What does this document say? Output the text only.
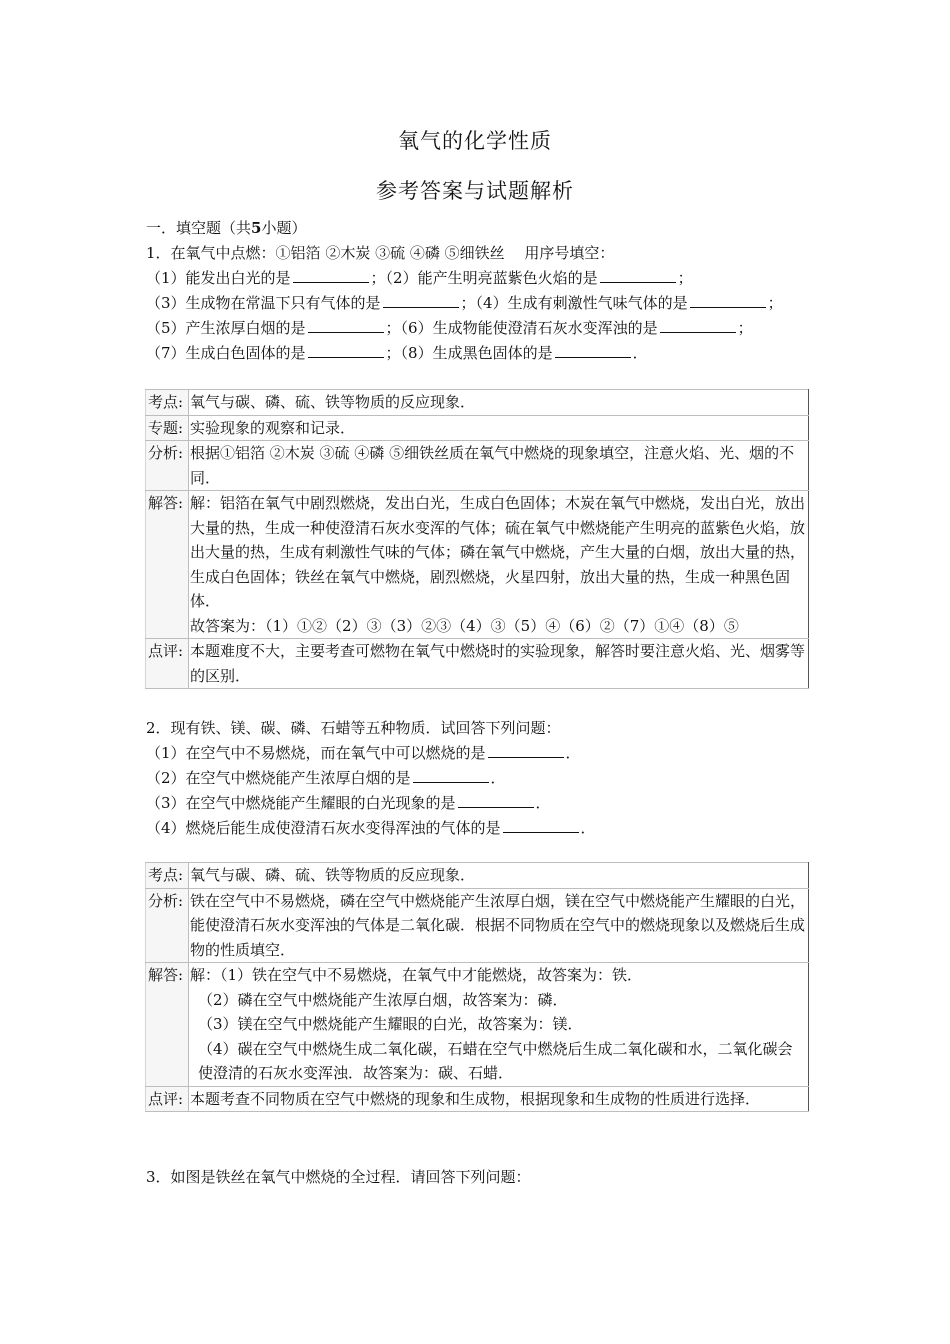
氧气的化学性质
参考答案与试题解析
一．填空题（共5小题）
1．在氧气中点燃：①铝箔 ②木炭 ③硫 ④磷 ⑤细铁丝　 用序号填空：
（1）能发出白光的是	；（2）能产生明亮蓝紫色火焰的是	；
（3）生成物在常温下只有气体的是	；（4）生成有刺激性气味气体的是	；
（5）产生浓厚白烟的是	；（6）生成物能使澄清石灰水变浑浊的是	；
（7）生成白色固体的是	；（8）生成黑色固体的是	．
考点:	氧气与碳、磷、硫、铁等物质的反应现象．
专题:	实验现象的观察和记录．
分析:	根据①铝箔 ②木炭 ③硫 ④磷 ⑤细铁丝质在氧气中燃烧的现象填空，注意火焰、光、烟的不同．
解答:	解：铝箔在氧气中剧烈燃烧，发出白光，生成白色固体；木炭在氧气中燃烧，发出白光，放出大量的热，生成一种使澄清石灰水变浑的气体；硫在氧气中燃烧能产生明亮的蓝紫色火焰，放出大量的热，生成有刺激性气味的气体；磷在氧气中燃烧，产生大量的白烟，放出大量的热，生成白色固体；铁丝在氧气中燃烧，剧烈燃烧，火星四射，放出大量的热，生成一种黑色固体．
故答案为：（1）①②（2）③（3）②③（4）③（5）④（6）②（7）①④（8）⑤

点评:	本题难度不大，主要考查可燃物在氧气中燃烧时的实验现象，解答时要注意火焰、光、烟雾等的区别．
2．现有铁、镁、碳、磷、石蜡等五种物质．试回答下列问题：
（1）在空气中不易燃烧，而在氧气中可以燃烧的是	．
（2）在空气中燃烧能产生浓厚白烟的是	．
（3）在空气中燃烧能产生耀眼的白光现象的是	．
（4）燃烧后能生成使澄清石灰水变得浑浊的气体的是	．
考点:	氧气与碳、磷、硫、铁等物质的反应现象．
分析:	铁在空气中不易燃烧，磷在空气中燃烧能产生浓厚白烟，镁在空气中燃烧能产生耀眼的白光，能使澄清石灰水变浑浊的气体是二氧化碳．根据不同物质在空气中的燃烧现象以及燃烧后生成物的性质填空．
解答:	解：（1）铁在空气中不易燃烧，在氧气中才能燃烧，故答案为：铁．
（2）磷在空气中燃烧能产生浓厚白烟，故答案为：磷．
（3）镁在空气中燃烧能产生耀眼的白光，故答案为：镁．
（4）碳在空气中燃烧生成二氧化碳，石蜡在空气中燃烧后生成二氧化碳和水，二氧化碳会使澄清的石灰水变浑浊．故答案为：碳、石蜡．

点评:	本题考查不同物质在空气中燃烧的现象和生成物，根据现象和生成物的性质进行选择．
3．如图是铁丝在氧气中燃烧的全过程．请回答下列问题：
